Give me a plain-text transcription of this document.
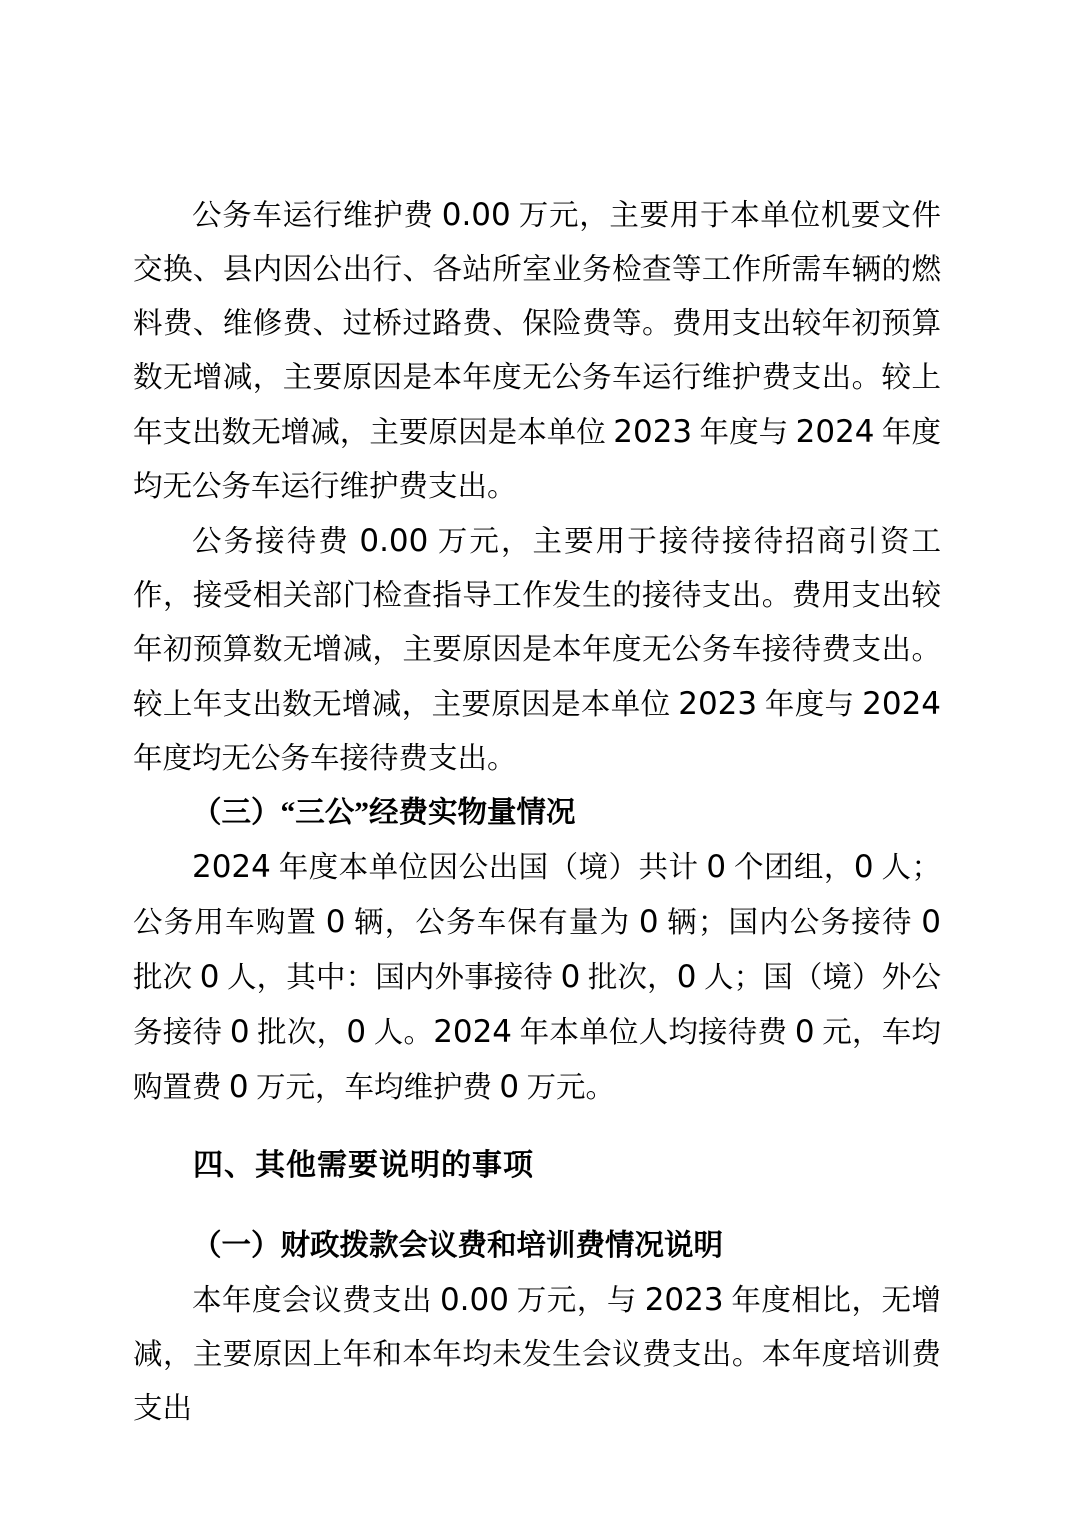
公务车运行维护费 0.00 万元，主要用于本单位机要文件交换、县内因公出行、各站所室业务检查等工作所需车辆的燃料费、维修费、过桥过路费、保险费等。费用支出较年初预算数无增减，主要原因是本年度无公务车运行维护费支出。较上年支出数无增减，主要原因是本单位 2023 年度与 2024 年度均无公务车运行维护费支出。

公务接待费 0.00 万元，主要用于接待接待招商引资工作，接受相关部门检查指导工作发生的接待支出。费用支出较年初预算数无增减，主要原因是本年度无公务车接待费支出。较上年支出数无增减，主要原因是本单位 2023 年度与 2024 年度均无公务车接待费支出。

（三）“三公”经费实物量情况

2024 年度本单位因公出国（境）共计 0 个团组，0 人；公务用车购置 0 辆，公务车保有量为 0 辆；国内公务接待 0 批次 0 人，其中：国内外事接待 0 批次，0 人；国（境）外公务接待 0 批次，0 人。2024 年本单位人均接待费 0 元，车均购置费 0 万元，车均维护费 0 万元。

四、其他需要说明的事项
（一）财政拨款会议费和培训费情况说明

本年度会议费支出 0.00 万元，与 2023 年度相比，无增减，主要原因上年和本年均未发生会议费支出。本年度培训费支出
